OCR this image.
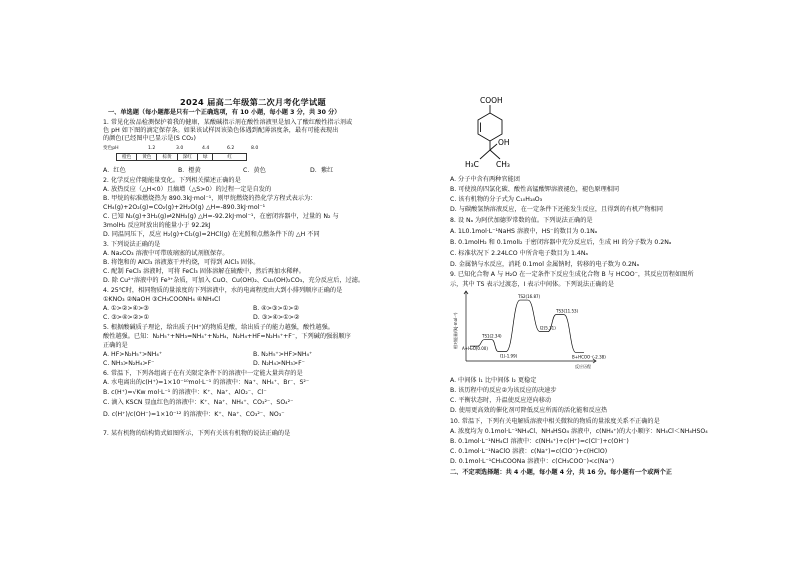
2024 届高二年级第二次月考化学试题
一、单选题（每小题都是只有一个正确选项，有 10 小题，每小题 3 分，共 30 分）
1. 常见化妆品检测保护着我的健康，某酸碱指示剂在酸性溶液里是加入了酸红酸性指示剂或
色 pH 如下图的滴定保存条。如果该试样因该染色体遇到配薄溶度条，最有可能表现出
的颜色(已经图中已显示是(S CO₂)
变色pH	1.2	3.0	4.4	6.2	8.0
橙色	黄色	棕黄	深红	绿	红
A．红色	B．橙黄	C．黄色	D．紫红
2. 化学反应伴随能量变化。下列相关描述正确的是
A. 放热反应（△H<0）且熵增（△S>0）的过程一定是自发的
B. 甲烷的标准燃烧热为 890.3kJ·mol⁻¹，则甲烷燃烧的热化学方程式表示为：
CH₄(g)+2O₂(g)=CO₂(g)+2H₂O(g) △H=-890.3kJ·mol⁻¹
C. 已知 N₂(g)+3H₂(g)⇌2NH₃(g) △H=-92.2kJ·mol⁻¹，在密闭容器中，过量的 N₂ 与
3molH₂ 反应时放出的能量小于 92.2kJ
D. 同温同压下，反应 H₂(g)+Cl₂(g)=2HCl(g) 在光照和点燃条件下的 △H 不同
3. 下列说法正确的是
A. Na₂CO₃ 溶液中可带玻璃塞的试剂瓶保存。
B. 将饱和的 AlCl₃ 溶液蒸干并灼烧，可得到 AlCl₃ 固体。
C. 配制 FeCl₃ 溶液时，可将 FeCl₃ 固体溶解在硫酸中，然后再加水稀释。
D. 除 Cu²⁺溶液中的 Fe³⁺杂质，可加入 CuO、Cu(OH)₂、Cu₂(OH)₂CO₃，充分反应后，过滤。
4. 25℃时，相同物质的量浓度的下列溶液中，水的电离程度由大到小排列顺序正确的是
①KNO₃ ②NaOH ③CH₃COONH₄ ④NH₄Cl
A. ①>②>④>③	B. ④>③>①>②
C. ③>④>②>①	D. ③>④>①>②
5. 根据酸碱质子理论，给出质子(H⁺)的物质是酸，给出质子的能力越强，酸性越强。
酸性越强。已知：N₂H₅⁺+NH₃=NH₄⁺+N₂H₄，N₂H₄+HF=N₂H₅⁺+F⁻，下列碱的强弱顺序
正确的是
A. HF>N₂H₅⁺>NH₄⁺	B. N₂H₅⁺>HF>NH₄⁺
C. NH₃>N₂H₄>F⁻	D. N₂H₄>NH₃>F⁻
6. 常温下，下列各组离子在有关限定条件下的溶液中一定能大量共存的是
A. 水电离出的c(H⁺)=1×10⁻¹⁰mol·L⁻¹ 的溶液中：Na⁺、NH₄⁺、Br⁻、S²⁻
B. c(H⁺)=√Kw mol·L⁻¹ 的溶液中：K⁺、Na⁺、AlO₂⁻、Cl⁻
C. 滴入 KSCN 显血红色的溶液中：K⁺、Na⁺、NH₄⁺、CO₃²⁻、SO₄²⁻
D. c(H⁺)/c(OH⁻)=1×10⁻¹² 的溶液中：K⁺、Na⁺、CO₃²⁻、NO₃⁻
7. 某有机物的结构简式如图所示，下列有关该有机物的说法正确的是
COOH
OH
H₃C CH₃
A. 分子中含有两种官能团
B. 可使溴的四氯化碳、酸性高锰酸钾溶液褪色，褪色原理相同
C. 该有机物的分子式为 C₁₀H₁₈O₃
D. 与碳酸氢钠溶液反应，在一定条件下还能发生反应，且得到的有机产物相同
8. 设 Nₐ 为阿伏加德罗常数的值。下列说法正确的是
A. 1L0.1mol·L⁻¹NaHS 溶液中，HS⁻的数目为 0.1Nₐ
B. 0.1molH₂ 和 0.1molI₂ 于密闭容器中充分反应后，生成 HI 的分子数为 0.2Nₐ
C. 标准状况下 2.24LCO 中所含电子数目为 1.4Nₐ
D. 金属钠与水反应，消耗 0.1mol 金属钠时，转移的电子数为 0.2Nₐ
9. 已知化合物 A 与 H₂O 在一定条件下反应生成化合物 B 与 HCOO⁻，其反应历程如图所
示，其中 TS 表示过渡态，I 表示中间体。下列说法正确的是
相对能量/(kJ·mol⁻¹)
反应历程
A+H₂O(0.00)
TS1(2.34)
I1(-1.99)
TS2(16.87)
I2(5.31)
TS3(11.53)
B+HCOO⁻(-2.38)
A. 中间体 I₁ 比中间体 I₂ 更稳定
B. 该历程中的反应②为该反应的决速步
C. 平衡状态时，升温使反应逆向移动
D. 使用更高效的催化剂可降低反应所需的活化能和反应热
10. 常温下，下列有关电解质溶液中相关微粒的物质的量浓度关系不正确的是
A. 浓度均为 0.1mol·L⁻¹NH₄Cl、NH₄HSO₄ 溶液中，c(NH₄⁺)的大小顺序：NH₄Cl＜NH₄HSO₄
B. 0.1mol·L⁻¹NH₄Cl 溶液中：c(NH₄⁺)+c(H⁺)=c(Cl⁻)+c(OH⁻)
C. 0.1mol·L⁻¹NaClO 溶液：c(Na⁺)=c(ClO⁻)+c(HClO)
D. 0.1mol·L⁻¹CH₃COONa 溶液中：c(CH₃COO⁻)<c(Na⁺)
二、不定项选择题：共 4 小题，每小题 4 分，共 16 分。每小题有一个或两个正
